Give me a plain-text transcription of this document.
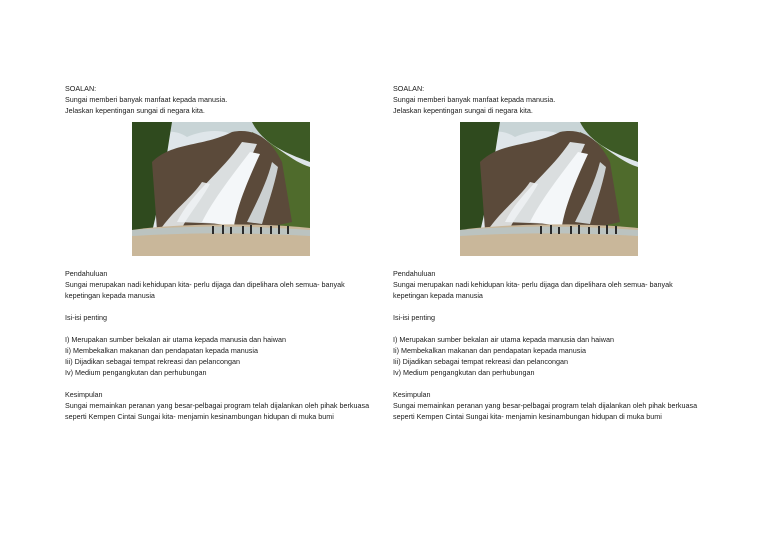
SOALAN:
Sungai memberi banyak manfaat kepada manusia.
Jelaskan kepentingan sungai di negara kita.
Pendahuluan
Sungai merupakan nadi kehidupan kita- perlu dijaga dan dipelihara oleh semua- banyak kepetingan kepada manusia
Isi-isi penting
I) Merupakan sumber bekalan air utama kepada manusia dan haiwan
Ii) Membekalkan makanan dan pendapatan kepada manusia
Iii) Dijadikan sebagai tempat rekreasi dan pelancongan
Iv) Medium pengangkutan dan perhubungan
Kesimpulan
Sungai memainkan peranan yang besar-pelbagai program telah dijalankan oleh pihak berkuasa seperti Kempen Cintai Sungai kita- menjamin kesinambungan hidupan di muka bumi
SOALAN:
Sungai memberi banyak manfaat kepada manusia.
Jelaskan kepentingan sungai di negara kita.
Pendahuluan
Sungai merupakan nadi kehidupan kita- perlu dijaga dan dipelihara oleh semua- banyak kepetingan kepada manusia
Isi-isi penting
I) Merupakan sumber bekalan air utama kepada manusia dan haiwan
Ii) Membekalkan makanan dan pendapatan kepada manusia
Iii) Dijadikan sebagai tempat rekreasi dan pelancongan
Iv) Medium pengangkutan dan perhubungan
Kesimpulan
Sungai memainkan peranan yang besar-pelbagai program telah dijalankan oleh pihak berkuasa seperti Kempen Cintai Sungai kita- menjamin kesinambungan hidupan di muka bumi
